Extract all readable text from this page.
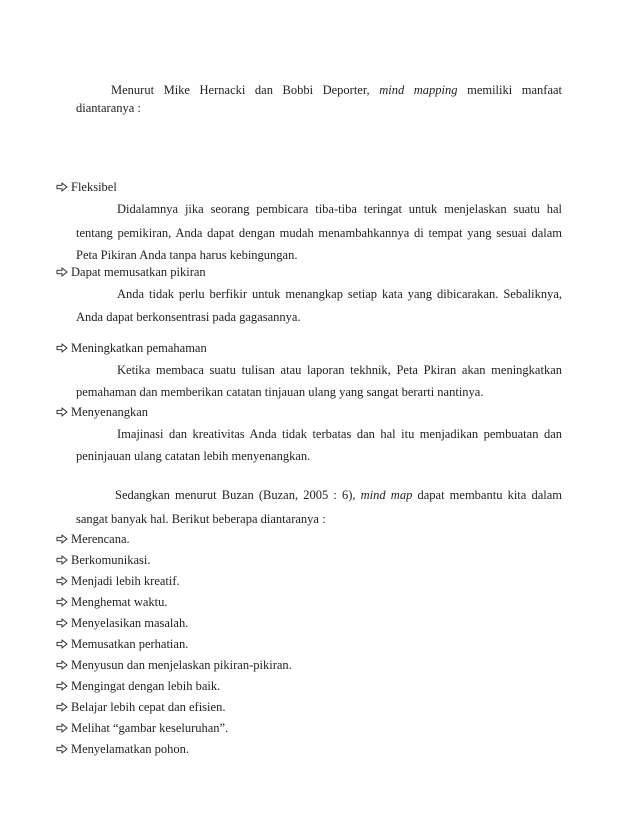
Menurut Mike Hernacki dan Bobbi Deporter, mind mapping memiliki manfaat
diantaranya :
Fleksibel
Didalamnya jika seorang pembicara tiba-tiba teringat untuk menjelaskan suatu hal
tentang pemikiran, Anda dapat dengan mudah menambahkannya di tempat yang sesuai dalam
Peta Pikiran Anda tanpa harus kebingungan.
Dapat memusatkan pikiran
Anda tidak perlu berfikir untuk menangkap setiap kata yang dibicarakan. Sebaliknya,
Anda dapat berkonsentrasi pada gagasannya.
Meningkatkan pemahaman
Ketika membaca suatu tulisan atau laporan tekhnik, Peta Pkiran akan meningkatkan
pemahaman dan memberikan catatan tinjauan ulang yang sangat berarti nantinya.
Menyenangkan
Imajinasi dan kreativitas Anda tidak terbatas dan hal itu menjadikan pembuatan dan
peninjauan ulang catatan lebih menyenangkan.
Sedangkan menurut Buzan (Buzan, 2005 : 6), mind map dapat membantu kita dalam
sangat banyak hal. Berikut beberapa diantaranya :
Merencana.
Berkomunikasi.
Menjadi lebih kreatif.
Menghemat waktu.
Menyelasikan masalah.
Memusatkan perhatian.
Menyusun dan menjelaskan pikiran-pikiran.
Mengingat dengan lebih baik.
Belajar lebih cepat dan efisien.
Melihat “gambar keseluruhan”.
Menyelamatkan pohon.
